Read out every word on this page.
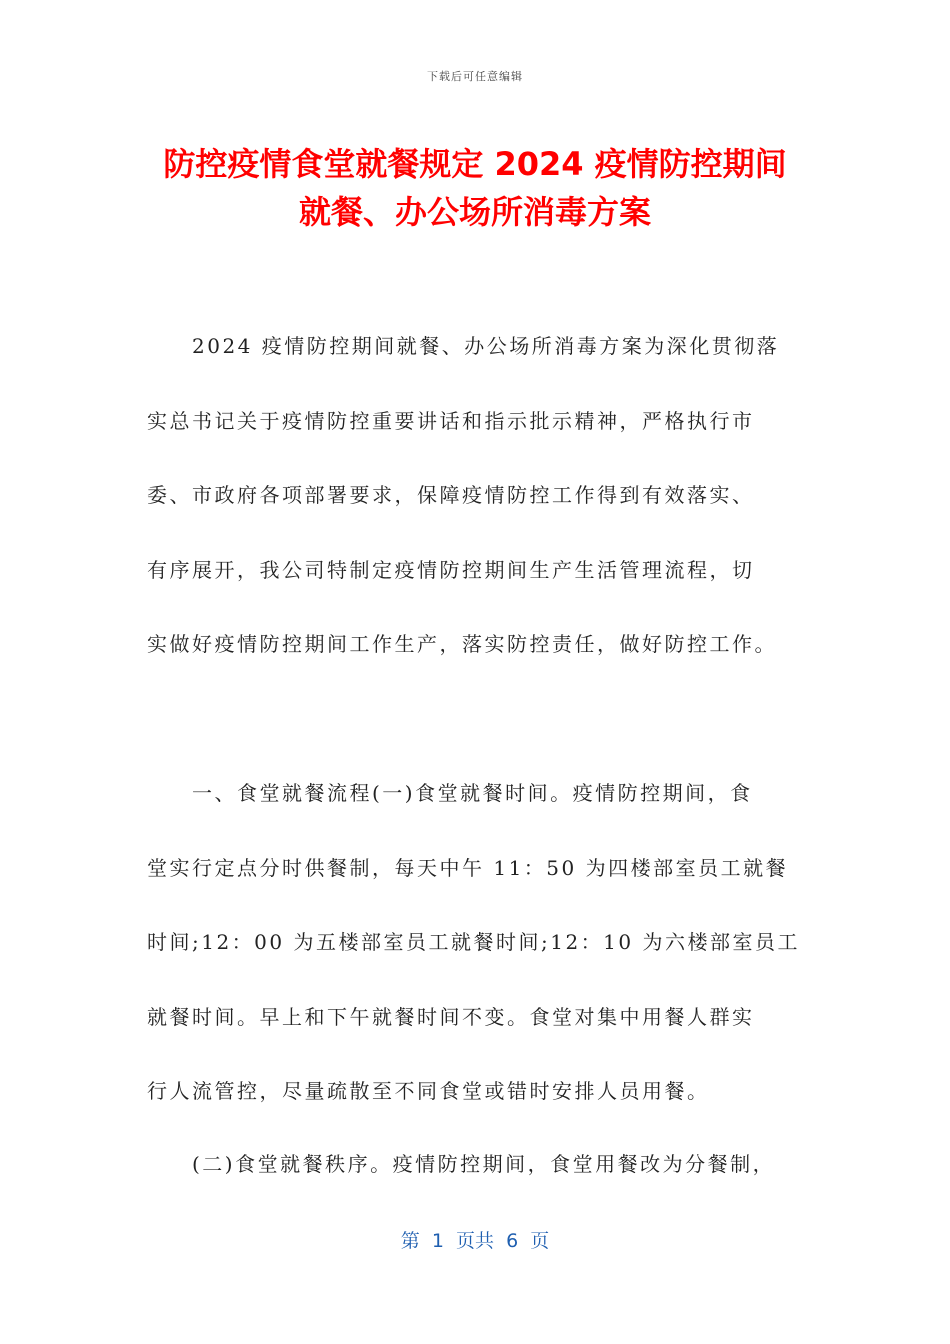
下载后可任意编辑
防控疫情食堂就餐规定 2024 疫情防控期间
就餐、办公场所消毒方案
　　2024 疫情防控期间就餐、办公场所消毒方案为深化贯彻落
实总书记关于疫情防控重要讲话和指示批示精神，严格执行市
委、市政府各项部署要求，保障疫情防控工作得到有效落实、
有序展开，我公司特制定疫情防控期间生产生活管理流程，切
实做好疫情防控期间工作生产，落实防控责任，做好防控工作。
　　一、食堂就餐流程(一)食堂就餐时间。疫情防控期间，食
堂实行定点分时供餐制，每天中午 11：50 为四楼部室员工就餐
时间;12：00 为五楼部室员工就餐时间;12：10 为六楼部室员工
就餐时间。早上和下午就餐时间不变。食堂对集中用餐人群实
行人流管控，尽量疏散至不同食堂或错时安排人员用餐。
　　(二)食堂就餐秩序。疫情防控期间，食堂用餐改为分餐制，
第  1  页共  6  页
